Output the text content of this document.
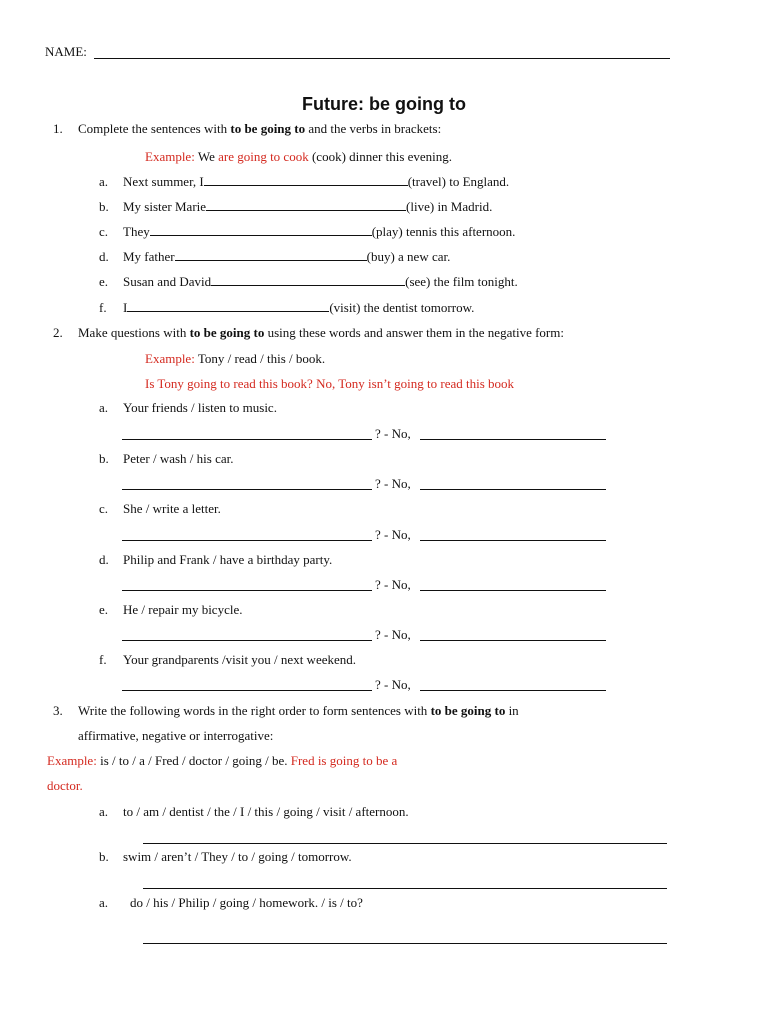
NAME:
Future: be going to
1. Complete the sentences with to be going to and the verbs in brackets:
Example: We are going to cook (cook) dinner this evening.
a. Next summer, I	(travel) to England.
b. My sister Marie	(live) in Madrid.
c. They	(play) tennis this afternoon.
d. My father	(buy) a new car.
e. Susan and David	(see) the film tonight.
f. I	(visit) the dentist tomorrow.
2. Make questions with to be going to using these words and answer them in the negative form:
Example: Tony / read / this / book.
Is Tony going to read this book? No, Tony isn’t going to read this book
a. Your friends / listen to music.
? - No,
b. Peter / wash / his car.
? - No,
c. She / write a letter.
? - No,
d. Philip and Frank / have a birthday party.
? - No,
e. He / repair my bicycle.
? - No,
f. Your grandparents /visit you / next weekend.
? - No,
3. Write the following words in the right order to form sentences with to be going to in
affirmative, negative or interrogative:
Example: is / to / a / Fred / doctor / going / be. Fred is going to be a
doctor.
a. to / am / dentist / the / I / this / going / visit / afternoon.
b. swim / aren’t / They / to / going / tomorrow.
a. do / his / Philip / going / homework. / is / to?
